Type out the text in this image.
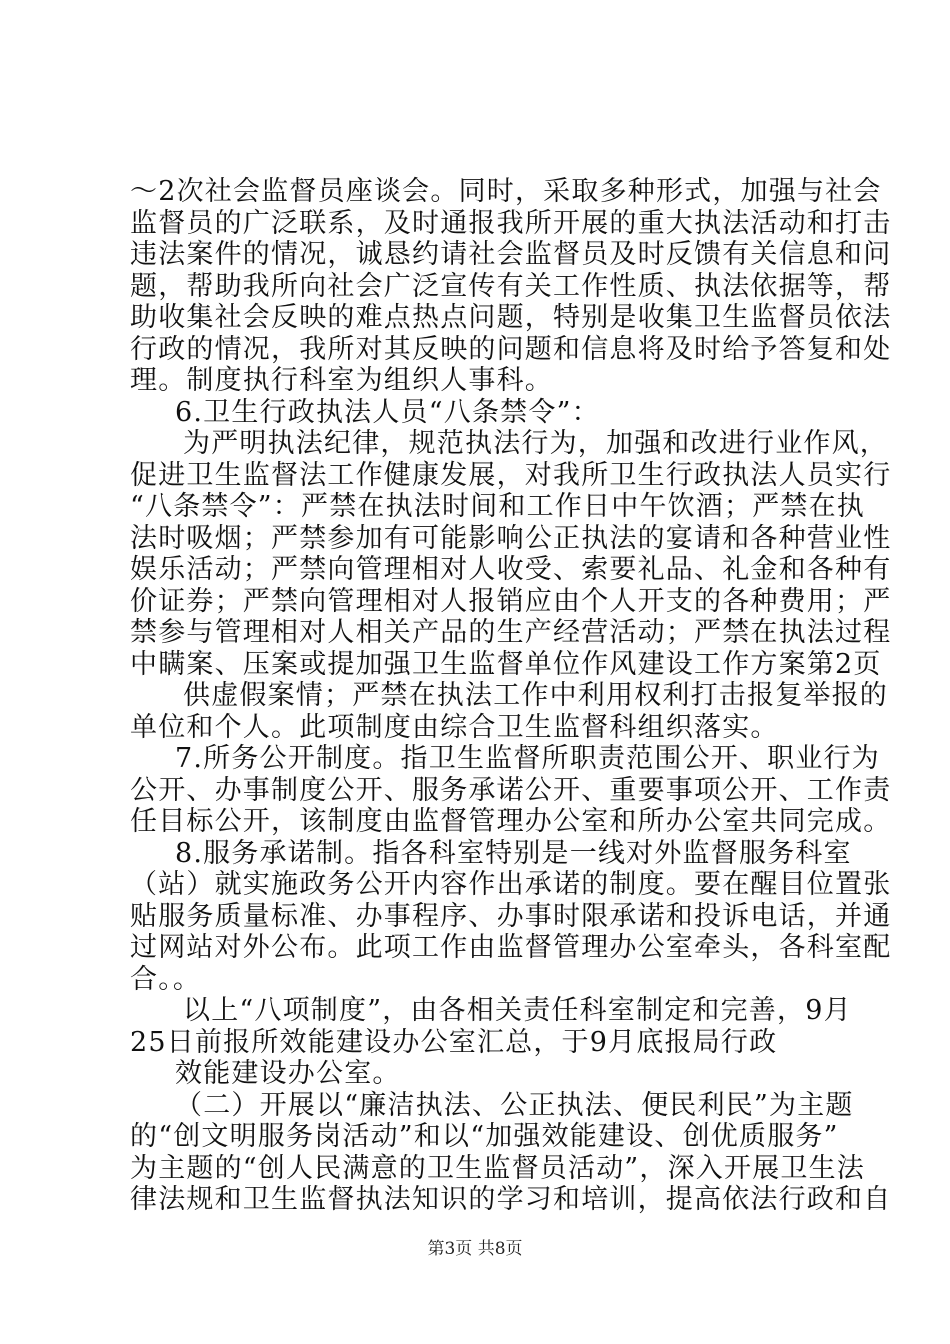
～2次社会监督员座谈会。同时，采取多种形式，加强与社会
监督员的广泛联系，及时通报我所开展的重大执法活动和打击
违法案件的情况，诚恳约请社会监督员及时反馈有关信息和问
题，帮助我所向社会广泛宣传有关工作性质、执法依据等，帮
助收集社会反映的难点热点问题，特别是收集卫生监督员依法
行政的情况，我所对其反映的问题和信息将及时给予答复和处
理。制度执行科室为组织人事科。
6.卫生行政执法人员“八条禁令”：
为严明执法纪律，规范执法行为，加强和改进行业作风，
促进卫生监督法工作健康发展，对我所卫生行政执法人员实行
“八条禁令”：严禁在执法时间和工作日中午饮酒；严禁在执
法时吸烟；严禁参加有可能影响公正执法的宴请和各种营业性
娱乐活动；严禁向管理相对人收受、索要礼品、礼金和各种有
价证券；严禁向管理相对人报销应由个人开支的各种费用；严
禁参与管理相对人相关产品的生产经营活动；严禁在执法过程
中瞒案、压案或提加强卫生监督单位作风建设工作方案第2页
供虚假案情；严禁在执法工作中利用权利打击报复举报的
单位和个人。此项制度由综合卫生监督科组织落实。
7.所务公开制度。指卫生监督所职责范围公开、职业行为
公开、办事制度公开、服务承诺公开、重要事项公开、工作责
任目标公开，该制度由监督管理办公室和所办公室共同完成。
8.服务承诺制。指各科室特别是一线对外监督服务科室
（站）就实施政务公开内容作出承诺的制度。要在醒目位置张
贴服务质量标准、办事程序、办事时限承诺和投诉电话，并通
过网站对外公布。此项工作由监督管理办公室牵头，各科室配
合。。
以上“八项制度”，由各相关责任科室制定和完善，9月
25日前报所效能建设办公室汇总，于9月底报局行政
效能建设办公室。
（二）开展以“廉洁执法、公正执法、便民利民”为主题
的“创文明服务岗活动”和以“加强效能建设、创优质服务”
为主题的“创人民满意的卫生监督员活动”，深入开展卫生法
律法规和卫生监督执法知识的学习和培训，提高依法行政和自
第3页 共8页
